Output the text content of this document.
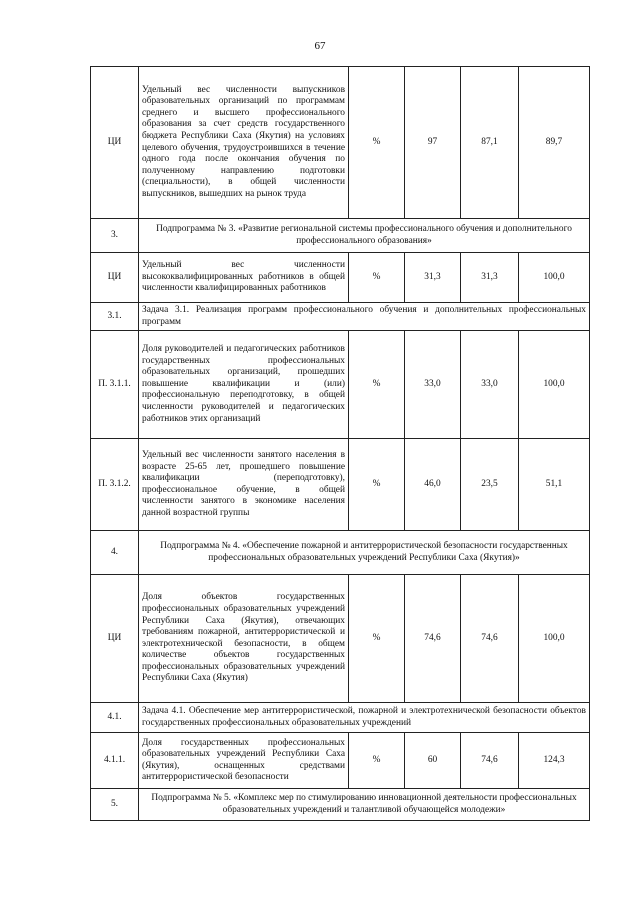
67
ЦИ	Удельный вес численности выпускников образовательных организаций по программам среднего и высшего профессионального образования за счет средств государственного бюджета Республики Саха (Якутия) на условиях целевого обучения, трудоустроившихся в течение одного года после окончания обучения по полученному направлению подготовки (специальности), в общей численности выпускников, вышедших на рынок труда	%	97	87,1	89,7
3.	Подпрограмма № 3. «Развитие региональной системы профессионального обучения и дополнительного профессионального образования»				
ЦИ	Удельный вес численности высококвалифицированных работников в общей численности квалифицированных работников	%	31,3	31,3	100,0
3.1.	Задача 3.1. Реализация программ профессионального обучения и дополнительных профессиональных программ				
П. 3.1.1.	Доля руководителей и педагогических работников государственных профессиональных образовательных организаций, прошедших повышение квалификации и (или) профессиональную переподготовку, в общей численности руководителей и педагогических работников этих организаций	%	33,0	33,0	100,0
П. 3.1.2.	Удельный вес численности занятого населения в возрасте 25-65 лет, прошедшего повышение квалификации (переподготовку), профессиональное обучение, в общей численности занятого в экономике населения данной возрастной группы	%	46,0	23,5	51,1
4.	Подпрограмма № 4. «Обеспечение пожарной и антитеррористической безопасности государственных профессиональных образовательных учреждений Республики Саха (Якутия)»				
ЦИ	Доля объектов государственных профессиональных образовательных учреждений Республики Саха (Якутия), отвечающих требованиям пожарной, антитеррористической и электротехнической безопасности, в общем количестве объектов государственных профессиональных образовательных учреждений Республики Саха (Якутия)	%	74,6	74,6	100,0
4.1.	Задача 4.1. Обеспечение мер антитеррористической, пожарной и электротехнической безопасности объектов государственных профессиональных образовательных учреждений				
4.1.1.	Доля государственных профессиональных образовательных учреждений Республики Саха (Якутия), оснащенных средствами антитеррористической безопасности	%	60	74,6	124,3
5.	Подпрограмма № 5. «Комплекс мер по стимулированию инновационной деятельности профессиональных образовательных учреждений и талантливой обучающейся молодежи»				
